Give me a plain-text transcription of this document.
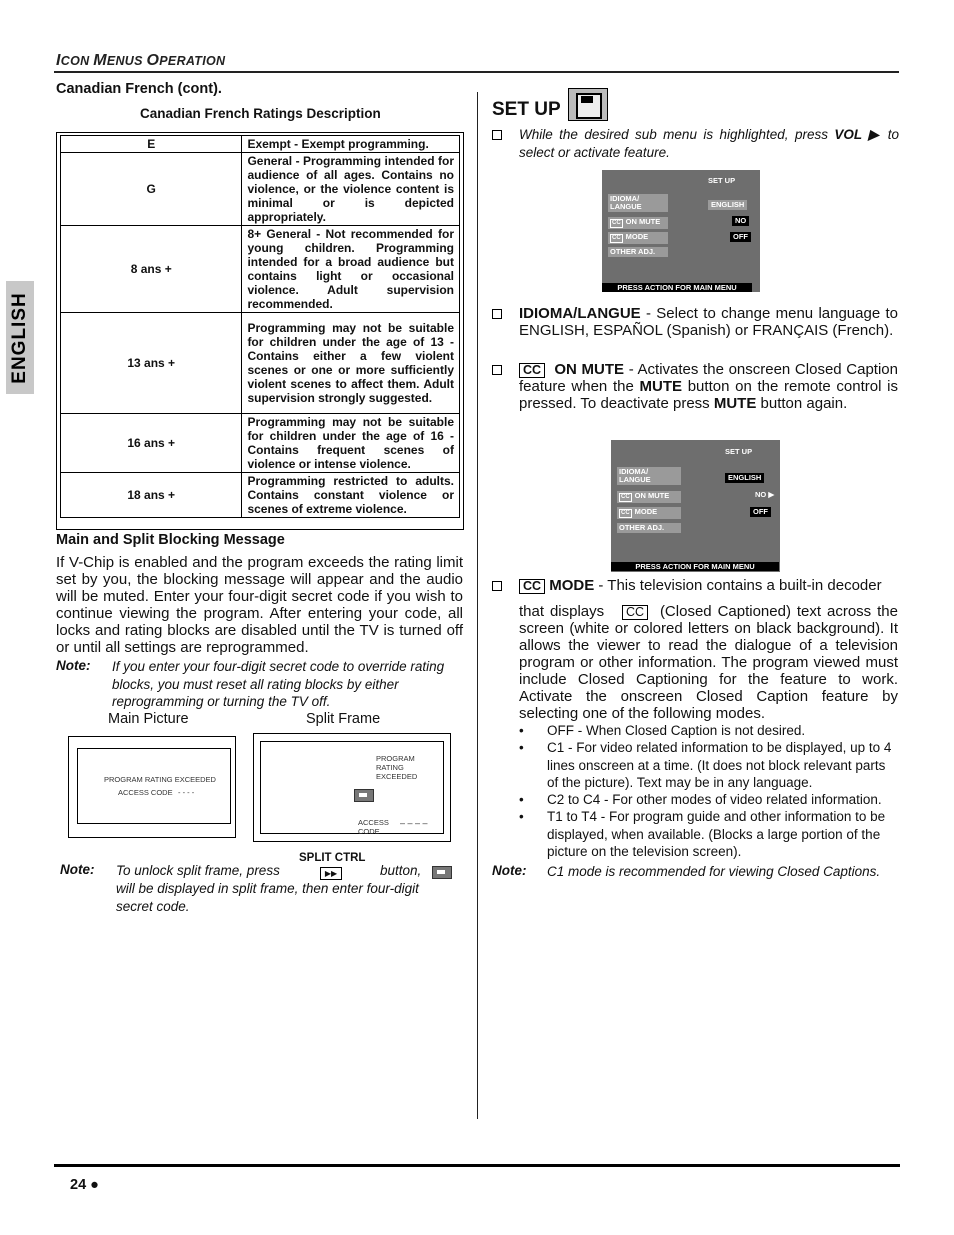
ICON MENUS OPERATION
ENGLISH
Canadian French (cont).
Canadian French Ratings Description
E	Exempt - Exempt programming.
G	General - Programming intended for audience of all ages. Contains no violence, or the violence content is minimal or is depicted appropriately.
8 ans +	8+ General - Not recommended for young children. Programming intended for a broad audience but contains light or occasional violence. Adult supervision recommended.
13 ans +	Programming may not be suitable for children under the age of 13 - Contains either a few violent scenes or one or more sufficiently violent scenes to affect them. Adult supervision strongly suggested.
16 ans +	Programming may not be suitable for children under the age of 16 - Contains frequent scenes of violence or intense violence.
18 ans +	Programming restricted to adults. Contains constant violence or scenes of extreme violence.
Main and Split Blocking Message
If V-Chip is enabled and the program exceeds the rating limit set by you, the blocking message will appear and the audio will be muted. Enter your four-digit secret code if you wish to continue viewing the program. After entering your code, all locks and rating blocks are disabled until the TV is turned off or until all settings are reprogrammed.
Note: If you enter your four-digit secret code to override rating blocks, you must reset all rating blocks by either reprogramming or turning the TV off.
Main Picture	Split Frame
PROGRAM RATING EXCEEDED
ACCESS CODE - - - -
PROGRAM
RATING
EXCEEDED
ACCESS
CODE
– – – –
SPLIT CTRL
Note: To unlock split frame, press	▶▶	button,
will be displayed in split frame, then enter four-digit secret code.
SET UP
While the desired sub menu is highlighted, press VOL ▶ to select or activate feature.
SET UP
IDIOMA/
LANGUE	ENGLISH
CC ON MUTE	NO
CC MODE	OFF
OTHER ADJ.
PRESS ACTION FOR MAIN MENU
IDIOMA/LANGUE - Select to change menu language to ENGLISH, ESPAÑOL (Spanish) or FRANÇAIS (French).
CC ON MUTE - Activates the onscreen Closed Caption feature when the MUTE button on the remote control is pressed. To deactivate press MUTE button again.
SET UP
IDIOMA/
LANGUE	ENGLISH
CC ON MUTE	NO ▶
CC MODE	OFF
OTHER ADJ.
PRESS ACTION FOR MAIN MENU
CC MODE - This television contains a built-in decoder
that displays CC (Closed Captioned) text across the screen (white or colored letters on black background). It allows the viewer to read the dialogue of a television program or other information. The program viewed must include Closed Captioning for the feature to work. Activate the onscreen Closed Caption feature by selecting one of the following modes.
• OFF - When Closed Caption is not desired.
• C1 - For video related information to be displayed, up to 4 lines onscreen at a time. (It does not block relevant parts of the picture). Text may be in any language.
• C2 to C4 - For other modes of video related information.
• T1 to T4 - For program guide and other information to be displayed, when available. (Blocks a large portion of the picture on the television screen).
Note: C1 mode is recommended for viewing Closed Captions.
24 ●
